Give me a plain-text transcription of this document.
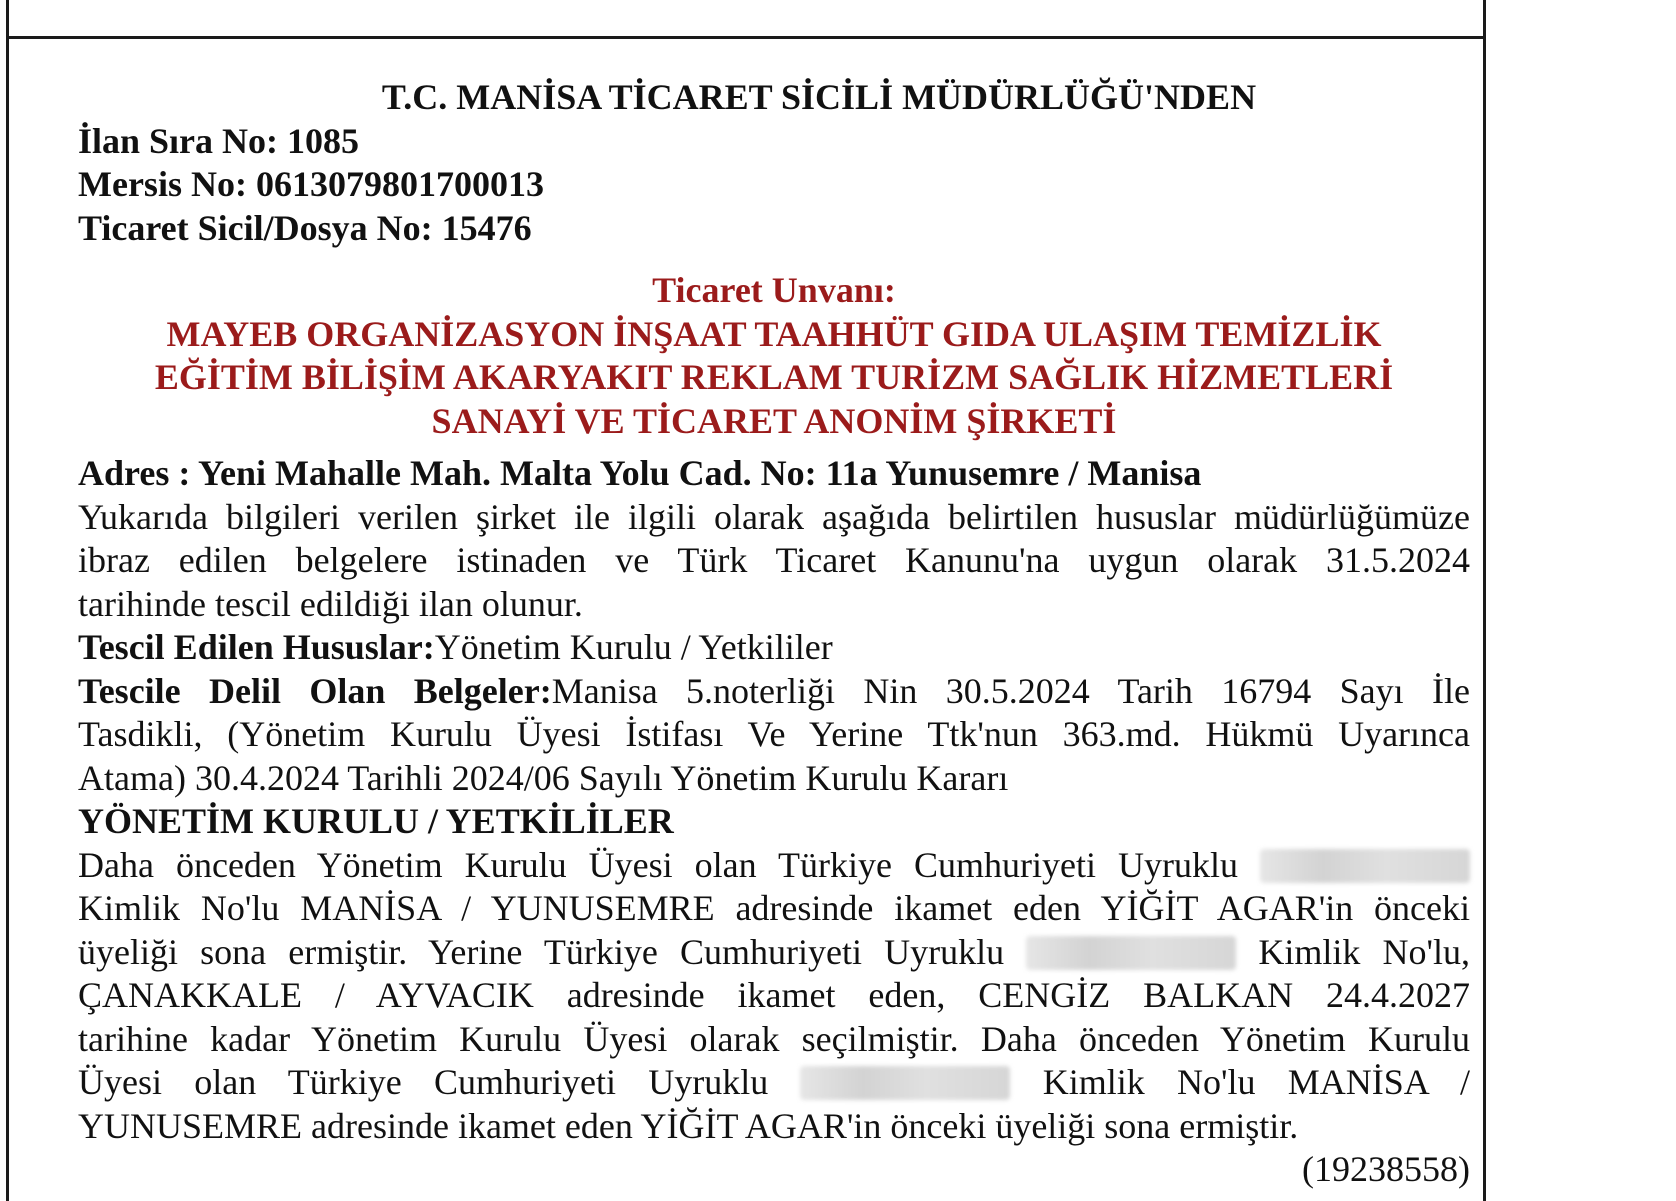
T.C. MANİSA TİCARET SİCİLİ MÜDÜRLÜĞÜ'NDEN
İlan Sıra No: 1085
Mersis No: 0613079801700013
Ticaret Sicil/Dosya No: 15476
Ticaret Unvanı:
MAYEB ORGANİZASYON İNŞAAT TAAHHÜT GIDA ULAŞIM TEMİZLİK
EĞİTİM BİLİŞİM AKARYAKIT REKLAM TURİZM SAĞLIK HİZMETLERİ
SANAYİ VE TİCARET ANONİM ŞİRKETİ
Adres : Yeni Mahalle Mah. Malta Yolu Cad. No: 11a Yunusemre / Manisa
Yukarıda bilgileri verilen şirket ile ilgili olarak aşağıda belirtilen hususlar müdürlüğümüze
ibraz edilen belgelere istinaden ve Türk Ticaret Kanunu'na uygun olarak 31.5.2024
tarihinde tescil edildiği ilan olunur.
Tescil Edilen Hususlar:Yönetim Kurulu / Yetkililer
Tescile Delil Olan Belgeler:Manisa 5.noterliği Nin 30.5.2024 Tarih 16794 Sayı İle
Tasdikli, (Yönetim Kurulu Üyesi İstifası Ve Yerine Ttk'nun 363.md. Hükmü Uyarınca
Atama) 30.4.2024 Tarihli 2024/06 Sayılı Yönetim Kurulu Kararı
YÖNETİM KURULU / YETKİLİLER
Daha önceden Yönetim Kurulu Üyesi olan Türkiye Cumhuriyeti Uyruklu
Kimlik No'lu MANİSA / YUNUSEMRE adresinde ikamet eden YİĞİT AGAR'in önceki
üyeliği sona ermiştir. Yerine Türkiye Cumhuriyeti Uyruklu	Kimlik No'lu,
ÇANAKKALE / AYVACIK adresinde ikamet eden, CENGİZ BALKAN 24.4.2027
tarihine kadar Yönetim Kurulu Üyesi olarak seçilmiştir. Daha önceden Yönetim Kurulu
Üyesi olan Türkiye Cumhuriyeti Uyruklu	Kimlik No'lu MANİSA /
YUNUSEMRE adresinde ikamet eden YİĞİT AGAR'in önceki üyeliği sona ermiştir.
(19238558)
